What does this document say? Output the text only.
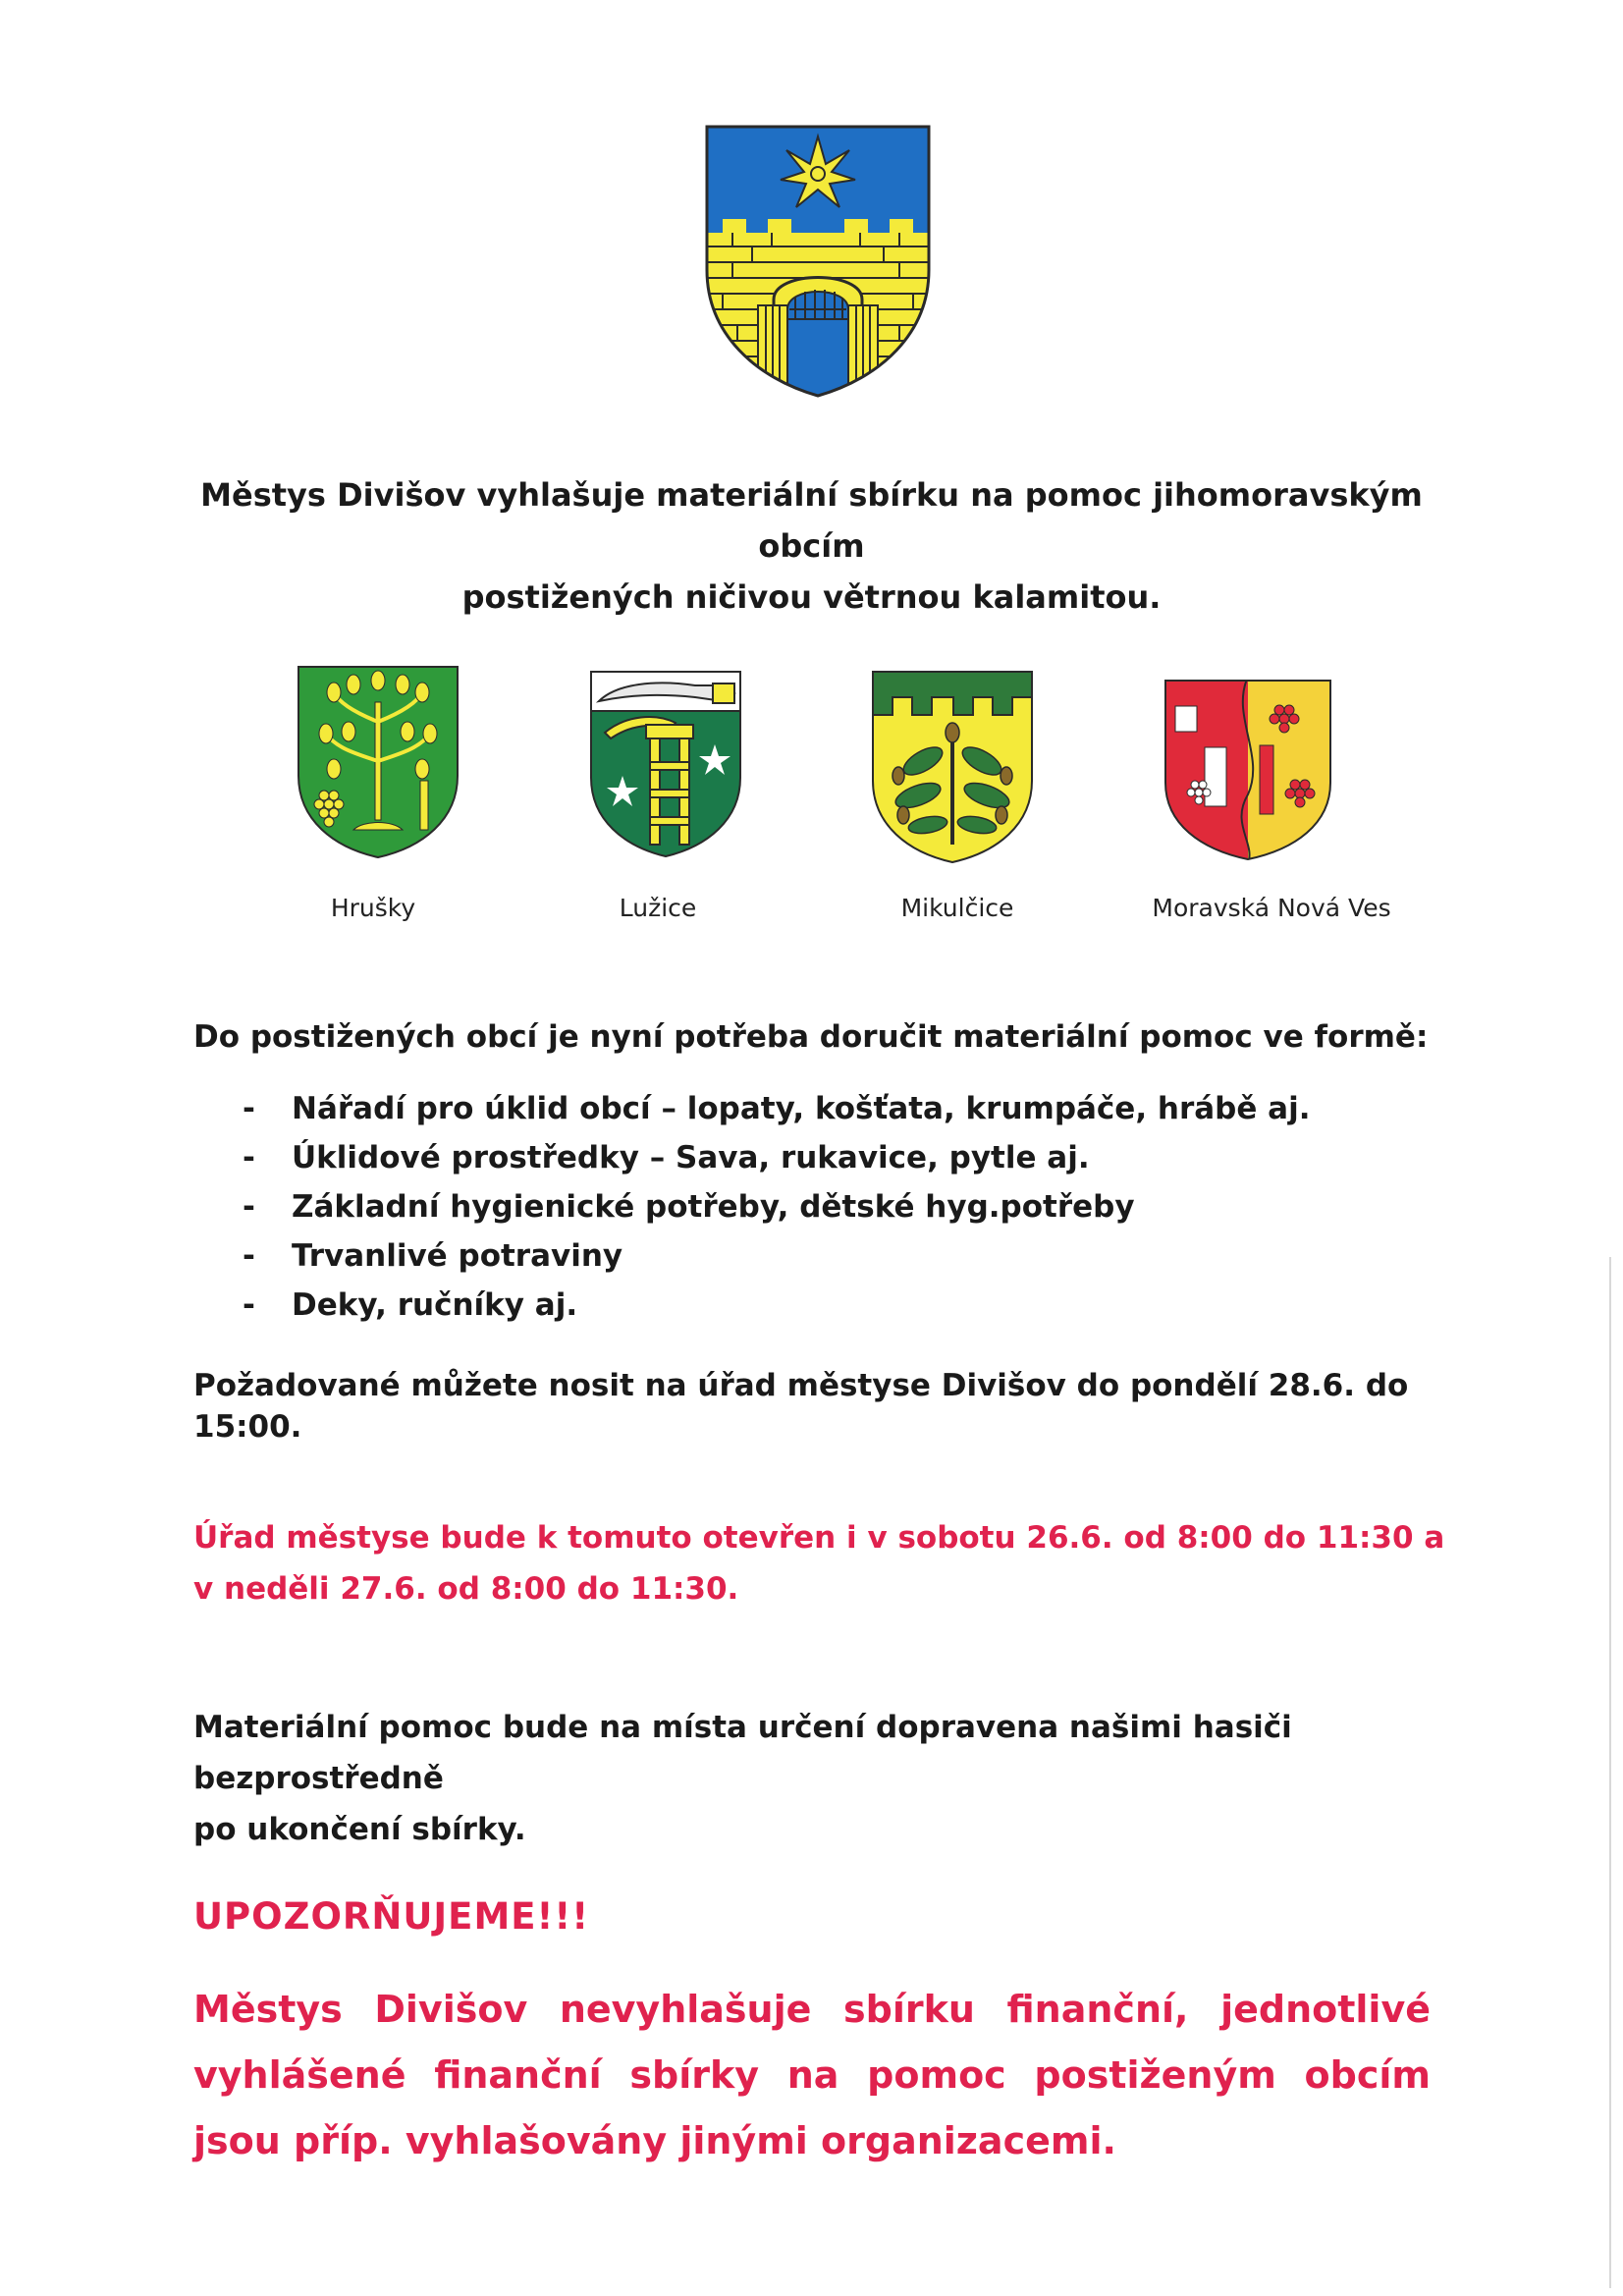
Městys Divišov vyhlašuje materiální sbírku na pomoc jihomoravským obcím
postižených ničivou větrnou kalamitou.
Hrušky	Lužice	Mikulčice	Moravská Nová Ves
Do postižených obcí je nyní potřeba doručit materiální pomoc ve formě:
- Nářadí pro úklid obcí – lopaty, košťata, krumpáče, hrábě aj.
- Úklidové prostředky – Sava, rukavice, pytle aj.
- Základní hygienické potřeby, dětské hyg.potřeby
- Trvanlivé potraviny
- Deky, ručníky aj.
Požadované můžete nosit na úřad městyse Divišov do pondělí 28.6. do 15:00.
Úřad městyse bude k tomuto otevřen i v sobotu 26.6. od 8:00 do 11:30 a
v neděli 27.6. od 8:00 do 11:30.
Materiální pomoc bude na místa určení dopravena našimi hasiči bezprostředně
po ukončení sbírky.
UPOZORŇUJEME!!!
Městys Divišov nevyhlašuje sbírku finanční, jednotlivé vyhlášené finanční sbírky na pomoc postiženým obcím jsou příp. vyhlašovány jinými organizacemi.
